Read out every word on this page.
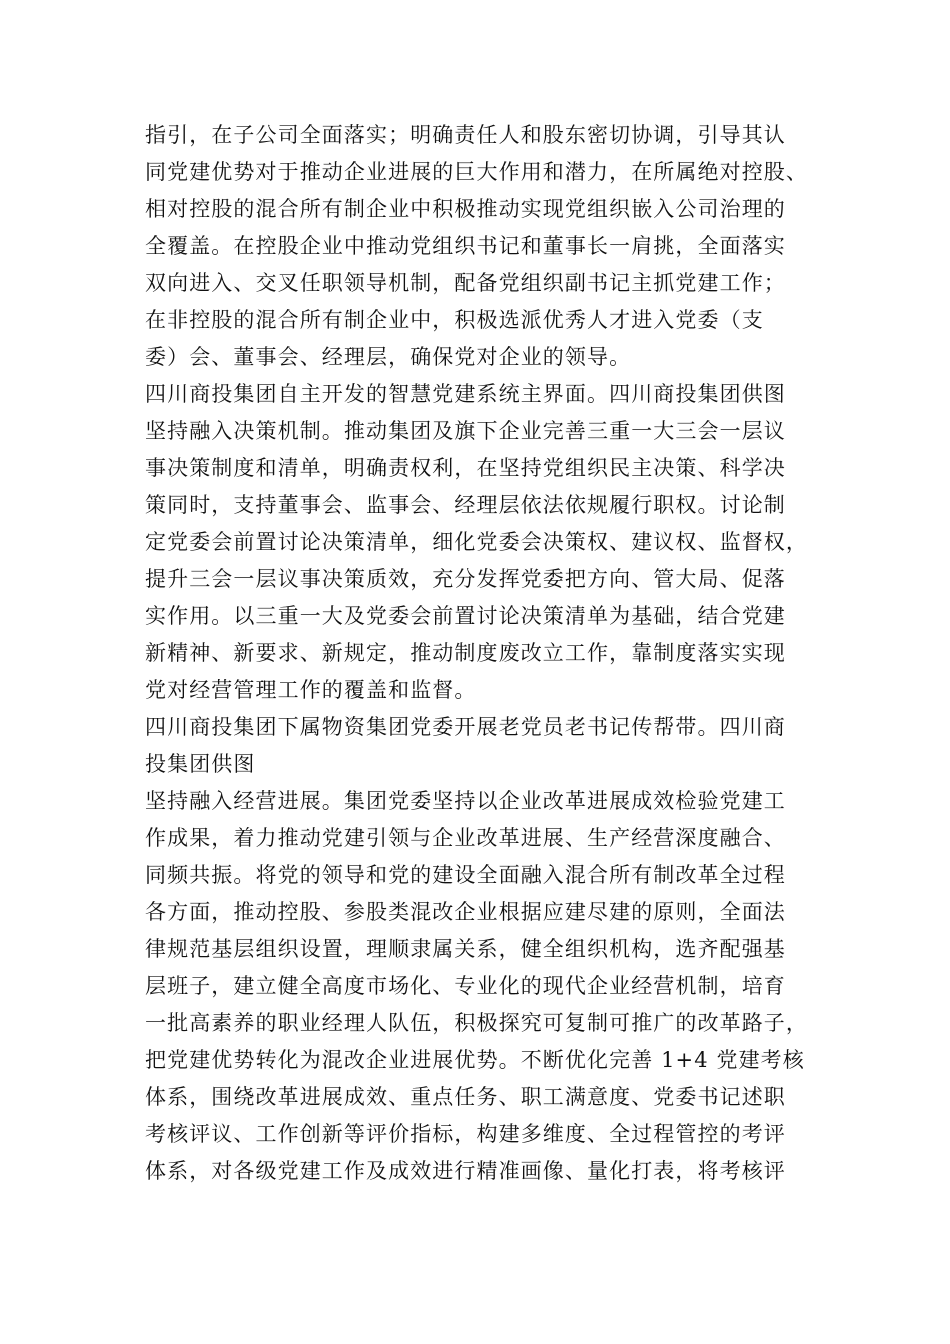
指引，在子公司全面落实；明确责任人和股东密切协调，引导其认
同党建优势对于推动企业进展的巨大作用和潜力，在所属绝对控股、
相对控股的混合所有制企业中积极推动实现党组织嵌入公司治理的
全覆盖。在控股企业中推动党组织书记和董事长一肩挑，全面落实
双向进入、交叉任职领导机制，配备党组织副书记主抓党建工作；
在非控股的混合所有制企业中，积极选派优秀人才进入党委（支
委）会、董事会、经理层，确保党对企业的领导。
四川商投集团自主开发的智慧党建系统主界面。四川商投集团供图
坚持融入决策机制。推动集团及旗下企业完善三重一大三会一层议
事决策制度和清单，明确责权利，在坚持党组织民主决策、科学决
策同时，支持董事会、监事会、经理层依法依规履行职权。讨论制
定党委会前置讨论决策清单，细化党委会决策权、建议权、监督权，
提升三会一层议事决策质效，充分发挥党委把方向、管大局、促落
实作用。以三重一大及党委会前置讨论决策清单为基础，结合党建
新精神、新要求、新规定，推动制度废改立工作，靠制度落实实现
党对经营管理工作的覆盖和监督。
四川商投集团下属物资集团党委开展老党员老书记传帮带。四川商
投集团供图
坚持融入经营进展。集团党委坚持以企业改革进展成效检验党建工
作成果，着力推动党建引领与企业改革进展、生产经营深度融合、
同频共振。将党的领导和党的建设全面融入混合所有制改革全过程
各方面，推动控股、参股类混改企业根据应建尽建的原则，全面法
律规范基层组织设置，理顺隶属关系，健全组织机构，选齐配强基
层班子，建立健全高度市场化、专业化的现代企业经营机制，培育
一批高素养的职业经理人队伍，积极探究可复制可推广的改革路子，
把党建优势转化为混改企业进展优势。不断优化完善 1+4 党建考核
体系，围绕改革进展成效、重点任务、职工满意度、党委书记述职
考核评议、工作创新等评价指标，构建多维度、全过程管控的考评
体系，对各级党建工作及成效进行精准画像、量化打表，将考核评
